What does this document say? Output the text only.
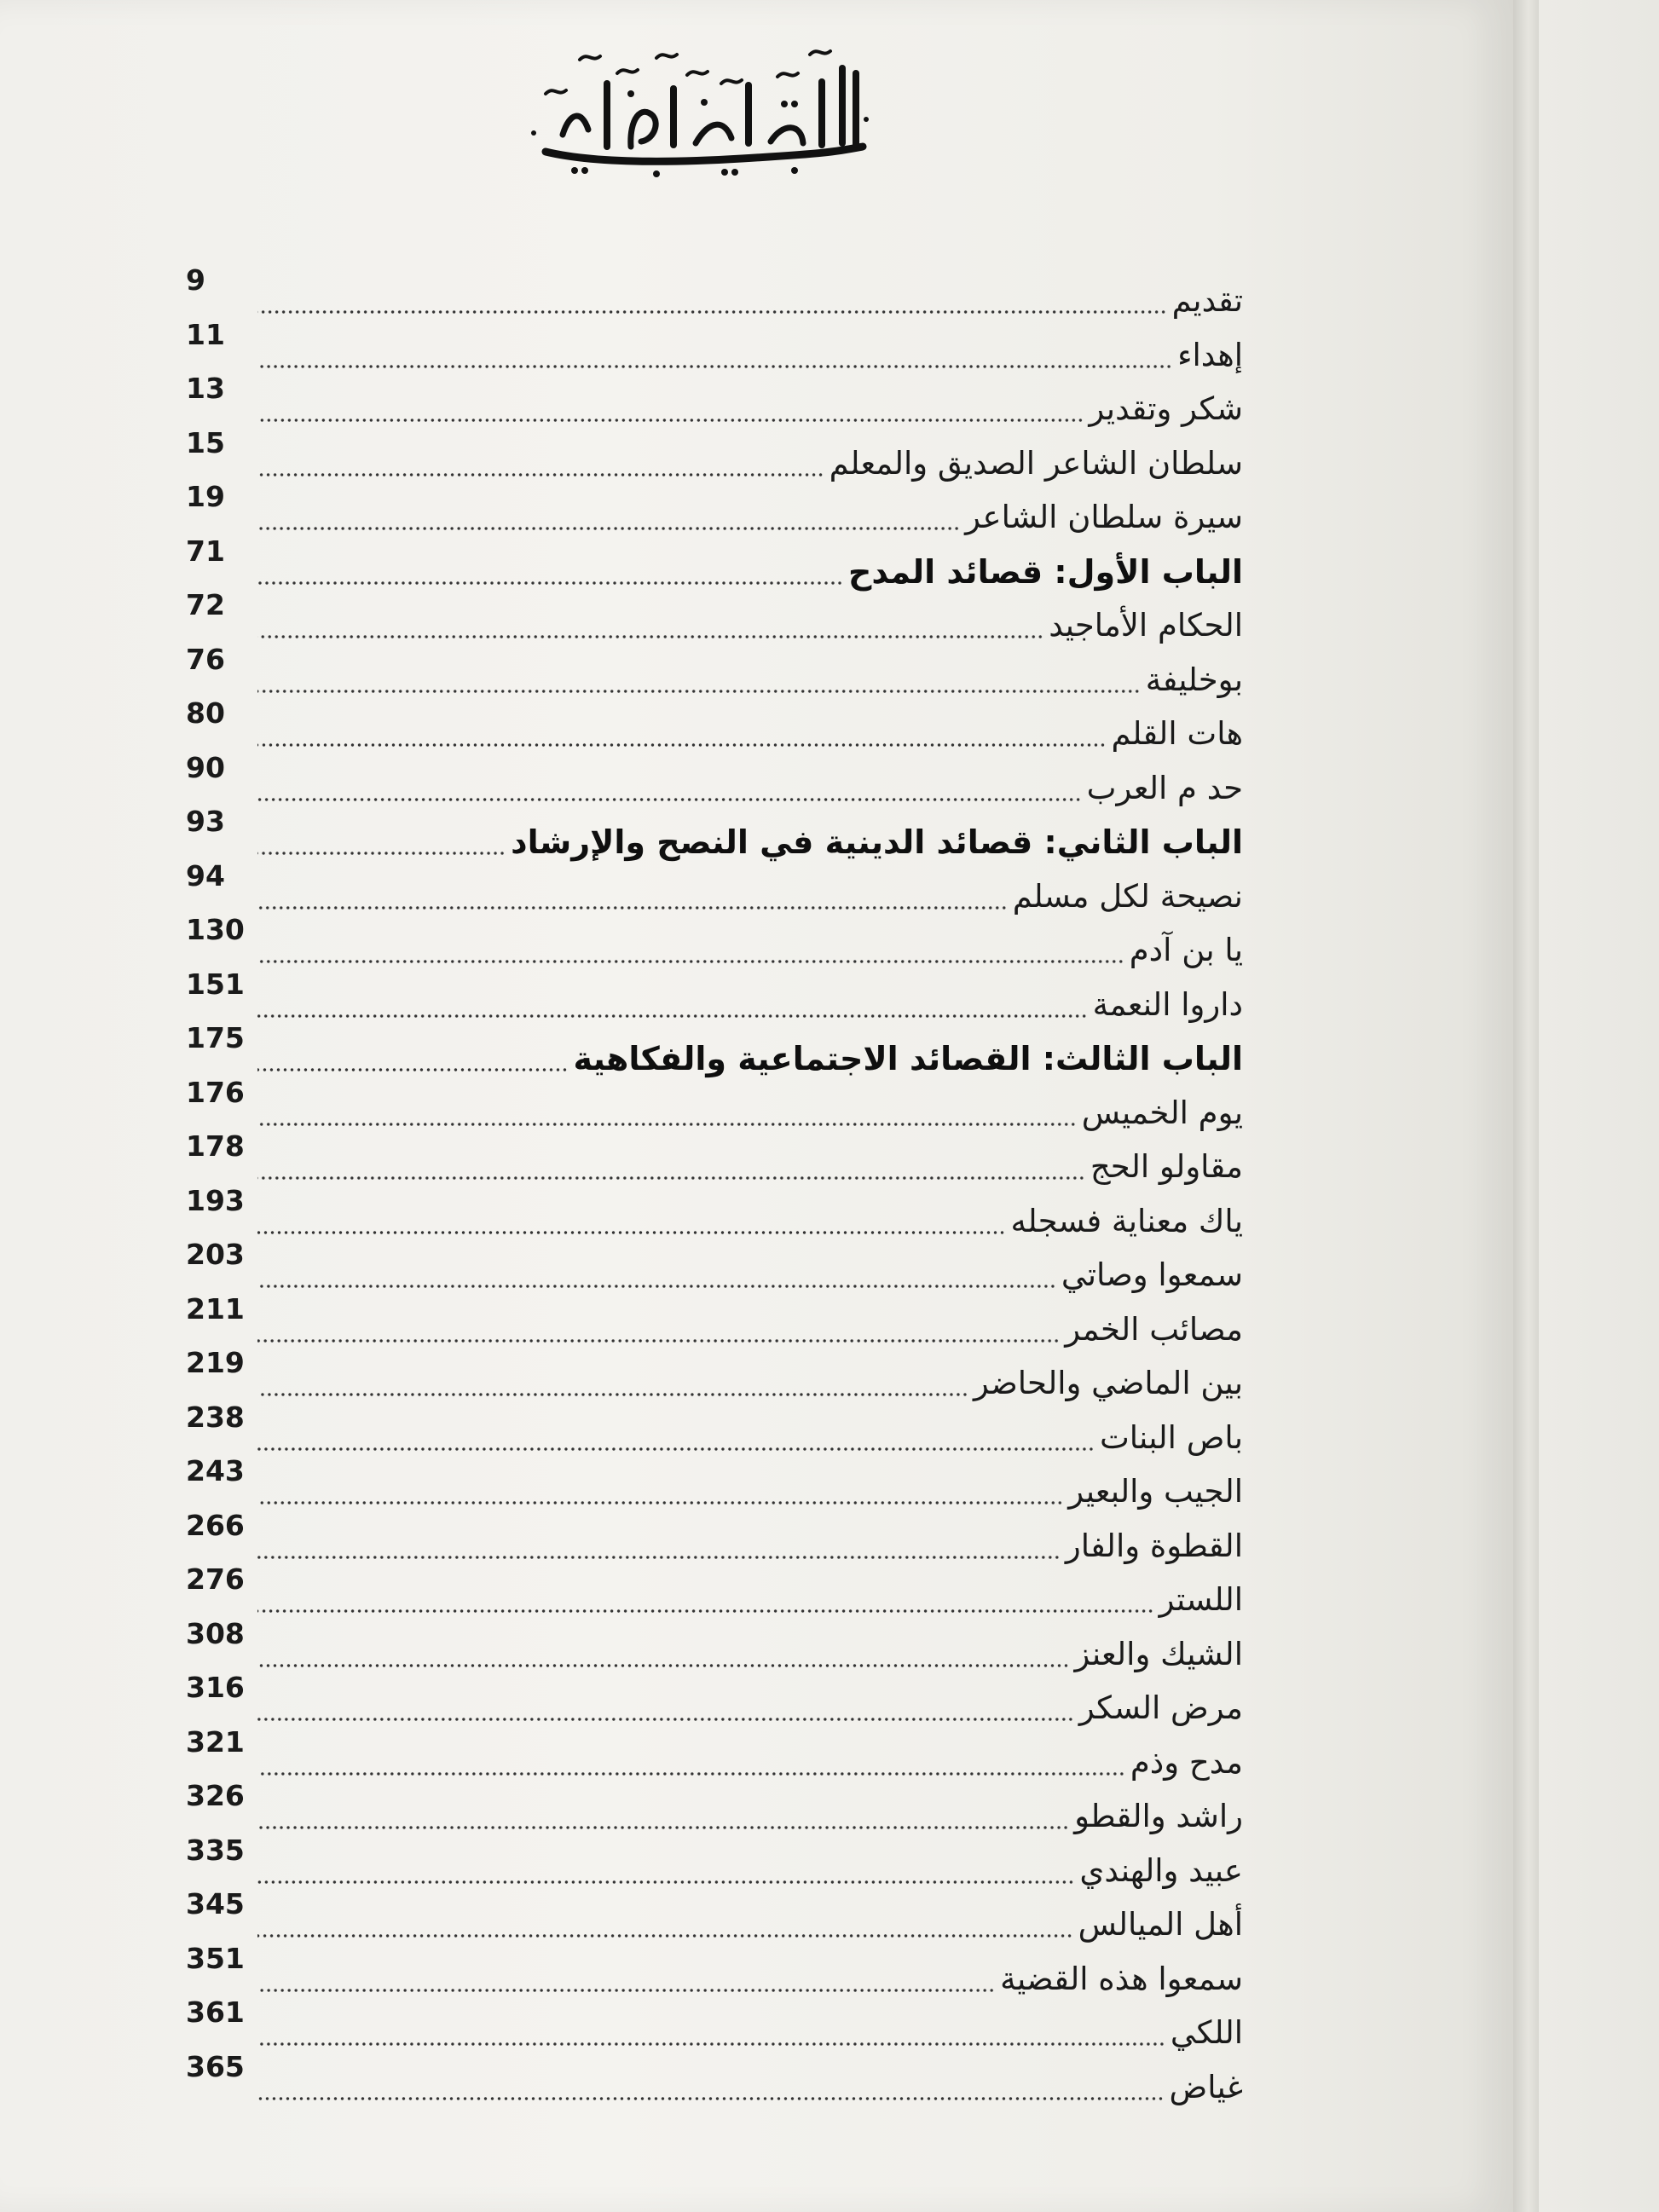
تقديم
9
إهداء
11
شكر وتقدير
13
سلطان الشاعر الصديق والمعلم
15
سيرة سلطان الشاعر
19
الباب الأول: قصائد المدح
71
الحكام الأماجيد
72
بوخليفة
76
هات القلم
80
حد م العرب
90
الباب الثاني: قصائد الدينية في النصح والإرشاد
93
نصيحة لكل مسلم
94
يا بن آدم
130
داروا النعمة
151
الباب الثالث: القصائد الاجتماعية والفكاهية
175
يوم الخميس
176
مقاولو الحج
178
ياك معناية فسجله
193
سمعوا وصاتي
203
مصائب الخمر
211
بين الماضي والحاضر
219
باص البنات
238
الجيب والبعير
243
القطوة والفار
266
اللستر
276
الشيك والعنز
308
مرض السكر
316
مدح وذم
321
راشد والقطو
326
عبيد والهندي
335
أهل الميالس
345
سمعوا هذه القضية
351
اللكي
361
غياض
365
